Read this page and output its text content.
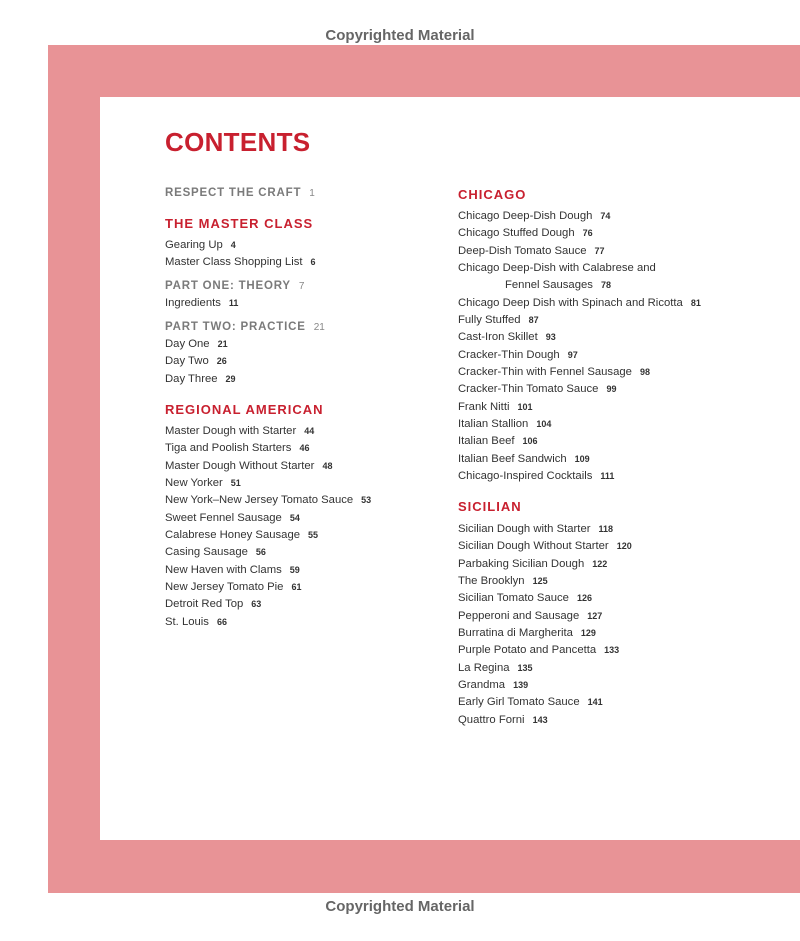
Copyrighted Material
Copyrighted Material
CONTENTS
RESPECT THE CRAFT 1
THE MASTER CLASS
Gearing Up 4
Master Class Shopping List 6
PART ONE: THEORY 7
Ingredients 11
PART TWO: PRACTICE 21
Day One 21
Day Two 26
Day Three 29
REGIONAL AMERICAN
Master Dough with Starter 44
Tiga and Poolish Starters 46
Master Dough Without Starter 48
New Yorker 51
New York–New Jersey Tomato Sauce 53
Sweet Fennel Sausage 54
Calabrese Honey Sausage 55
Casing Sausage 56
New Haven with Clams 59
New Jersey Tomato Pie 61
Detroit Red Top 63
St. Louis 66
CHICAGO
Chicago Deep-Dish Dough 74
Chicago Stuffed Dough 76
Deep-Dish Tomato Sauce 77
Chicago Deep-Dish with Calabrese and
Fennel Sausages 78
Chicago Deep Dish with Spinach and Ricotta 81
Fully Stuffed 87
Cast-Iron Skillet 93
Cracker-Thin Dough 97
Cracker-Thin with Fennel Sausage 98
Cracker-Thin Tomato Sauce 99
Frank Nitti 101
Italian Stallion 104
Italian Beef 106
Italian Beef Sandwich 109
Chicago-Inspired Cocktails 111
SICILIAN
Sicilian Dough with Starter 118
Sicilian Dough Without Starter 120
Parbaking Sicilian Dough 122
The Brooklyn 125
Sicilian Tomato Sauce 126
Pepperoni and Sausage 127
Burratina di Margherita 129
Purple Potato and Pancetta 133
La Regina 135
Grandma 139
Early Girl Tomato Sauce 141
Quattro Forni 143
